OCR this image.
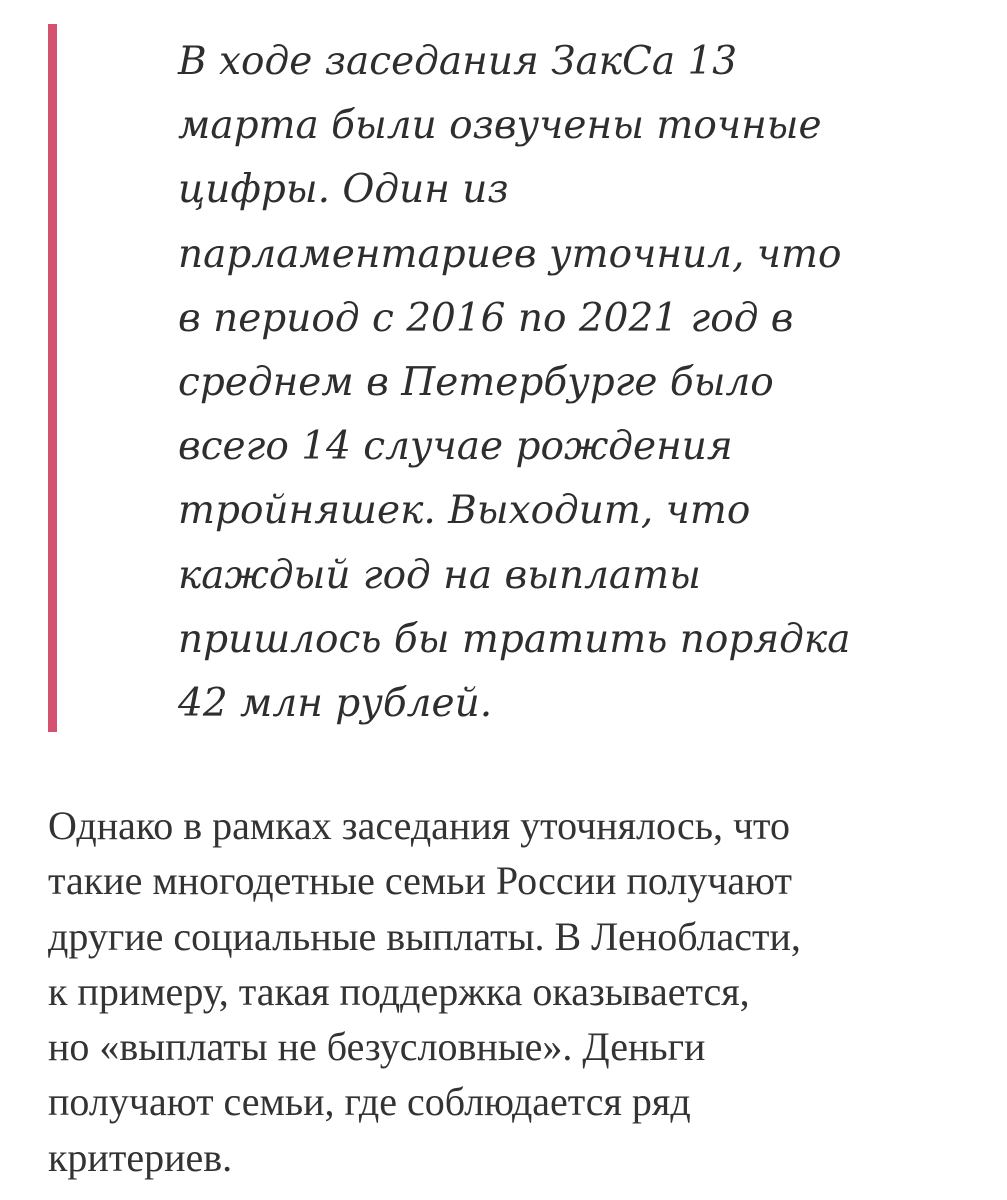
В ходе заседания ЗакСа 13
марта были озвучены точные
цифры. Один из
парламентариев уточнил, что
в период с 2016 по 2021 год в
среднем в Петербурге было
всего 14 случае рождения
тройняшек. Выходит, что
каждый год на выплаты
пришлось бы тратить порядка
42 млн рублей.

Однако в рамках заседания уточнялось, что
такие многодетные семьи России получают
другие социальные выплаты. В Ленобласти,
к примеру, такая поддержка оказывается,
но «выплаты не безусловные». Деньги
получают семьи, где соблюдается ряд
критериев.
